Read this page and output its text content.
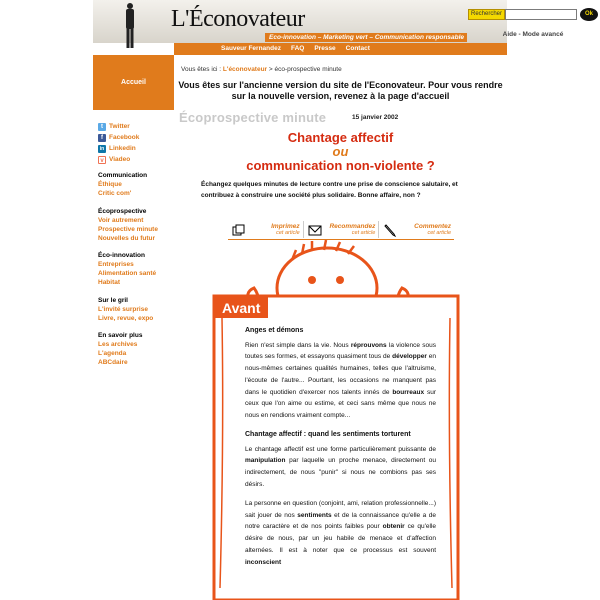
L'Éconovateur
Eco-innovation – Marketing vert – Communication responsable
Rechercher	Ok
Aide - Mode avancé
Sauveur Fernandez	FAQ	Presse	Contact
Accueil
t Twitter
f Facebook
in Linkedin
v Viadeo
Communication
Éthique
Critic com'
Écoprospective
Voir autrement
Prospective minute
Nouvelles du futur
Éco-innovation
Entreprises
Alimentation santé
Habitat
Sur le gril
L'invité surprise
Livre, revue, expo
En savoir plus
Les archives
L'agenda
ABCdaire
Vous êtes ici : L'éconovateur > éco-prospective minute
Vous êtes sur l'ancienne version du site de l'Econovateur. Pour vous rendre sur la nouvelle version, revenez à la page d'accueil
Écoprospective minute	15 janvier 2002
Chantage affectif
ou
communication non-violente ?
Échangez quelques minutes de lecture contre une prise de conscience salutaire, et contribuez à construire une société plus solidaire. Bonne affaire, non ?
Imprimez
cet article
Recommandez
cet article
Commentez
cet article
Avant
Anges et démons

Rien n'est simple dans la vie. Nous réprouvons la violence sous toutes ses formes, et essayons quasiment tous de développer en nous-mêmes certaines qualités humaines, telles que l'altruisme, l'écoute de l'autre... Pourtant, les occasions ne manquent pas dans le quotidien d'exercer nos talents innés de bourreaux sur ceux que l'on aime ou estime, et ceci sans même que nous ne nous en rendions vraiment compte...

Chantage affectif : quand les sentiments torturent

Le chantage affectif est une forme particulièrement puissante de manipulation par laquelle un proche menace, directement ou indirectement, de nous "punir" si nous ne combions pas ses désirs.

La personne en question (conjoint, ami, relation professionnelle...) sait jouer de nos sentiments et de la connaissance qu'elle a de notre caractère et de nos points faibles pour obtenir ce qu'elle désire de nous, par un jeu habile de menace et d'affection alternées. Il est à noter que ce processus est souvent inconscient
